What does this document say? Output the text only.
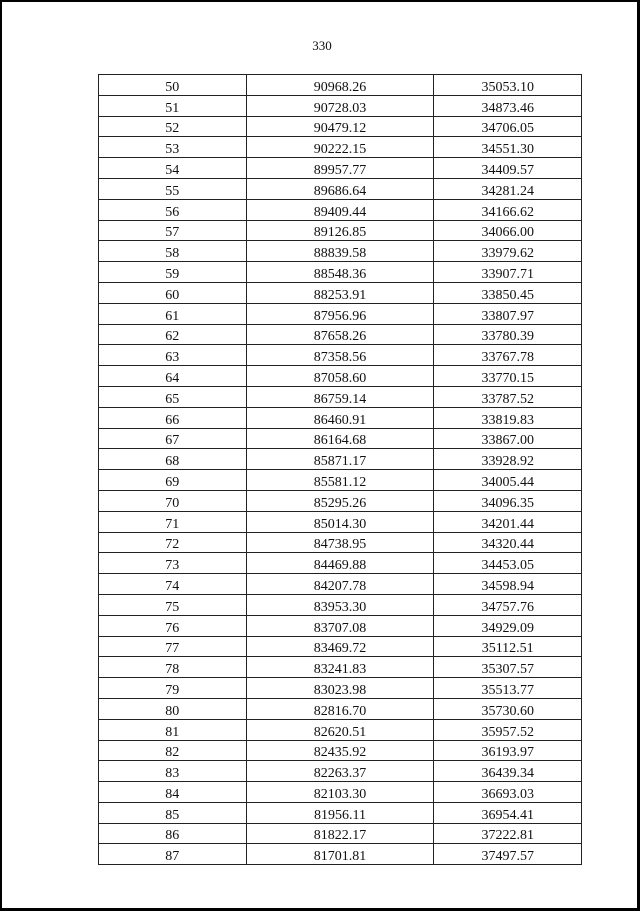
330
50	90968.26	35053.10
51	90728.03	34873.46
52	90479.12	34706.05
53	90222.15	34551.30
54	89957.77	34409.57
55	89686.64	34281.24
56	89409.44	34166.62
57	89126.85	34066.00
58	88839.58	33979.62
59	88548.36	33907.71
60	88253.91	33850.45
61	87956.96	33807.97
62	87658.26	33780.39
63	87358.56	33767.78
64	87058.60	33770.15
65	86759.14	33787.52
66	86460.91	33819.83
67	86164.68	33867.00
68	85871.17	33928.92
69	85581.12	34005.44
70	85295.26	34096.35
71	85014.30	34201.44
72	84738.95	34320.44
73	84469.88	34453.05
74	84207.78	34598.94
75	83953.30	34757.76
76	83707.08	34929.09
77	83469.72	35112.51
78	83241.83	35307.57
79	83023.98	35513.77
80	82816.70	35730.60
81	82620.51	35957.52
82	82435.92	36193.97
83	82263.37	36439.34
84	82103.30	36693.03
85	81956.11	36954.41
86	81822.17	37222.81
87	81701.81	37497.57
